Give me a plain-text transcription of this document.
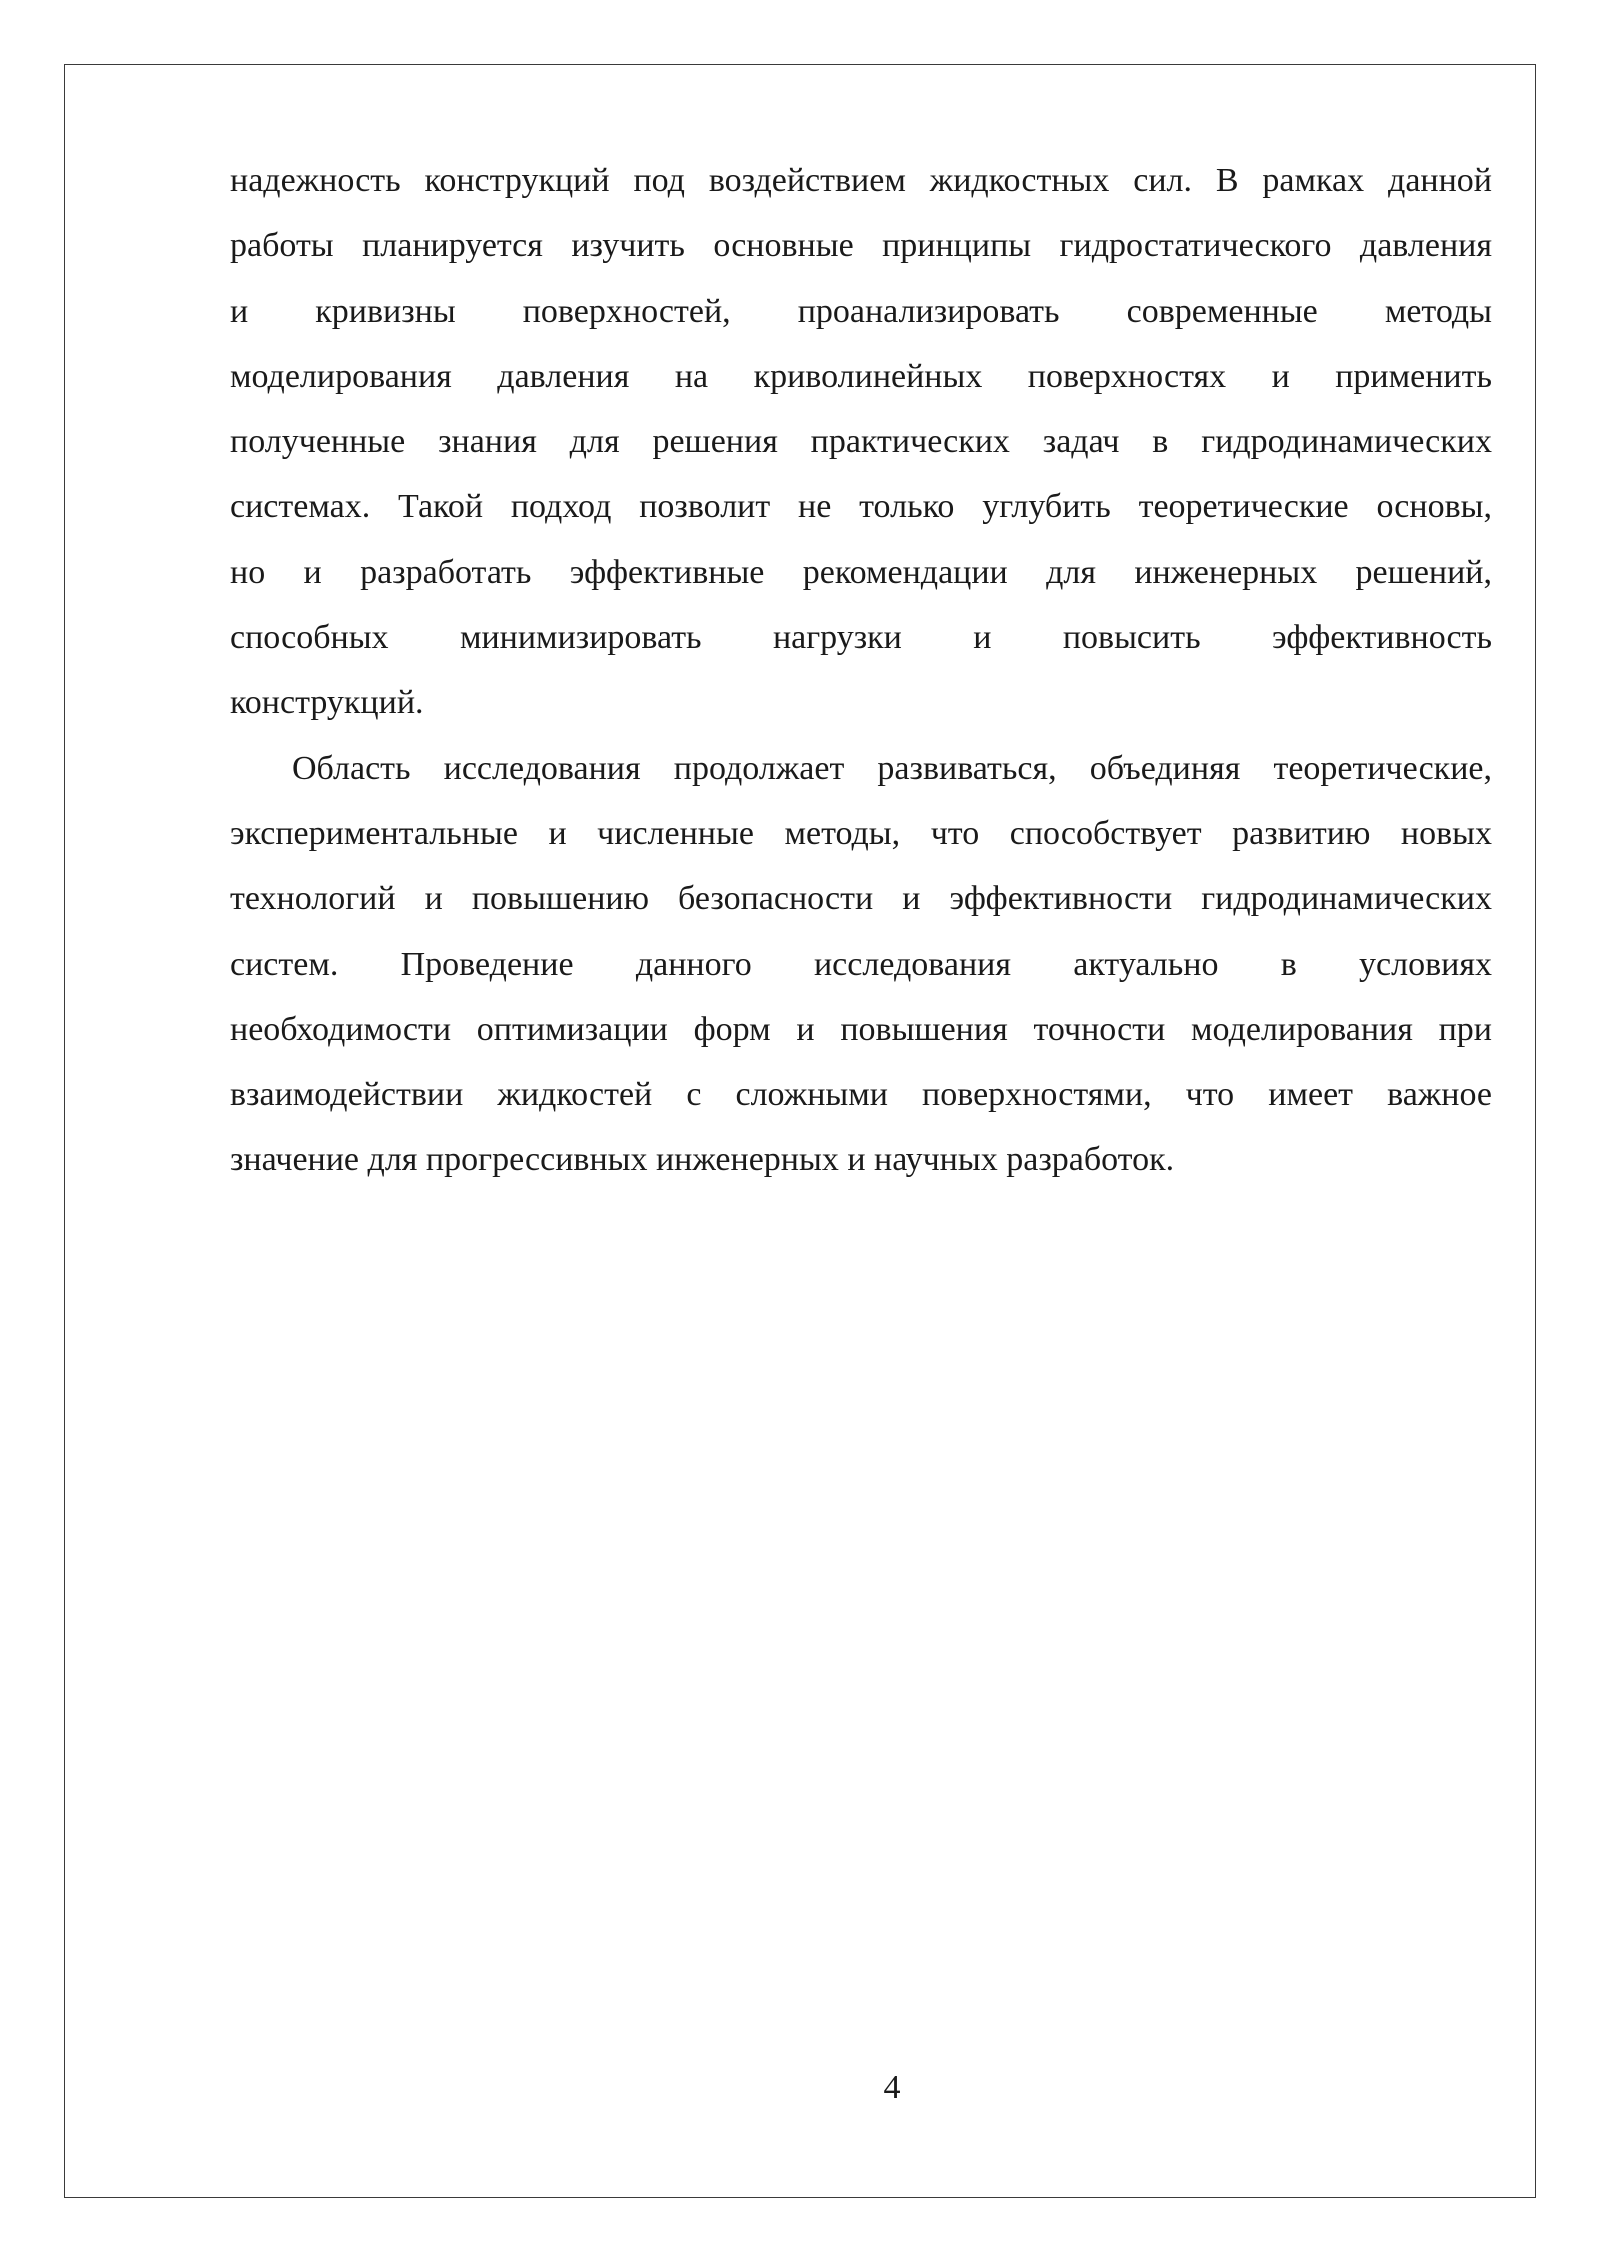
надежность конструкций под воздействием жидкостных сил. В рамках данной
работы планируется изучить основные принципы гидростатического давления
и кривизны поверхностей, проанализировать современные методы
моделирования давления на криволинейных поверхностях и применить
полученные знания для решения практических задач в гидродинамических
системах. Такой подход позволит не только углубить теоретические основы,
но и разработать эффективные рекомендации для инженерных решений,
способных минимизировать нагрузки и повысить эффективность
конструкций.
Область исследования продолжает развиваться, объединяя теоретические,
экспериментальные и численные методы, что способствует развитию новых
технологий и повышению безопасности и эффективности гидродинамических
систем. Проведение данного исследования актуально в условиях
необходимости оптимизации форм и повышения точности моделирования при
взаимодействии жидкостей с сложными поверхностями, что имеет важное
значение для прогрессивных инженерных и научных разработок.
4
